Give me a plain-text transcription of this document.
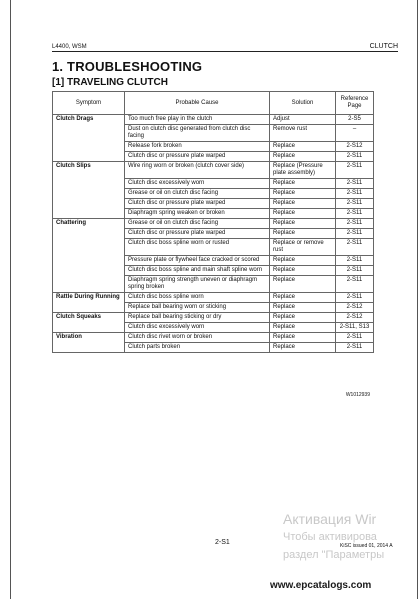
L4400, WSM	CLUTCH
1. TROUBLESHOOTING
[1] TRAVELING CLUTCH
Symptom	Probable Cause	Solution	Reference Page
Clutch Drags	Too much free play in the clutch	Adjust	2-S5
	Dust on clutch disc generated from clutch disc facing	Remove rust	–
	Release fork broken	Replace	2-S12
	Clutch disc or pressure plate warped	Replace	2-S11
Clutch Slips	Wire ring worn or broken (clutch cover side)	Replace (Pressure plate assembly)	2-S11
	Clutch disc excessively worn	Replace	2-S11
	Grease or oil on clutch disc facing	Replace	2-S11
	Clutch disc or pressure plate warped	Replace	2-S11
	Diaphragm spring weaken or broken	Replace	2-S11
Chattering	Grease or oil on clutch disc facing	Replace	2-S11
	Clutch disc or pressure plate warped	Replace	2-S11
	Clutch disc boss spline worn or rusted	Replace or remove rust	2-S11
	Pressure plate or flywheel face cracked or scored	Replace	2-S11
	Clutch disc boss spline and main shaft spline worn	Replace	2-S11
	Diaphragm spring strength uneven or diaphragm spring broken	Replace	2-S11
Rattle During Running	Clutch disc boss spline worn	Replace	2-S11
	Replace ball bearing worn or sticking	Replace	2-S12
Clutch Squeaks	Replace ball bearing sticking or dry	Replace	2-S12
	Clutch disc excessively worn	Replace	2-S11, S13
Vibration	Clutch disc rivet worn or broken	Replace	2-S11
	Clutch parts broken	Replace	2-S11
W1012939
Активация Wir
Чтобы активирова
раздел "Параметры
2-S1	KiSC issued 01, 2014 A
www.epcatalogs.com
